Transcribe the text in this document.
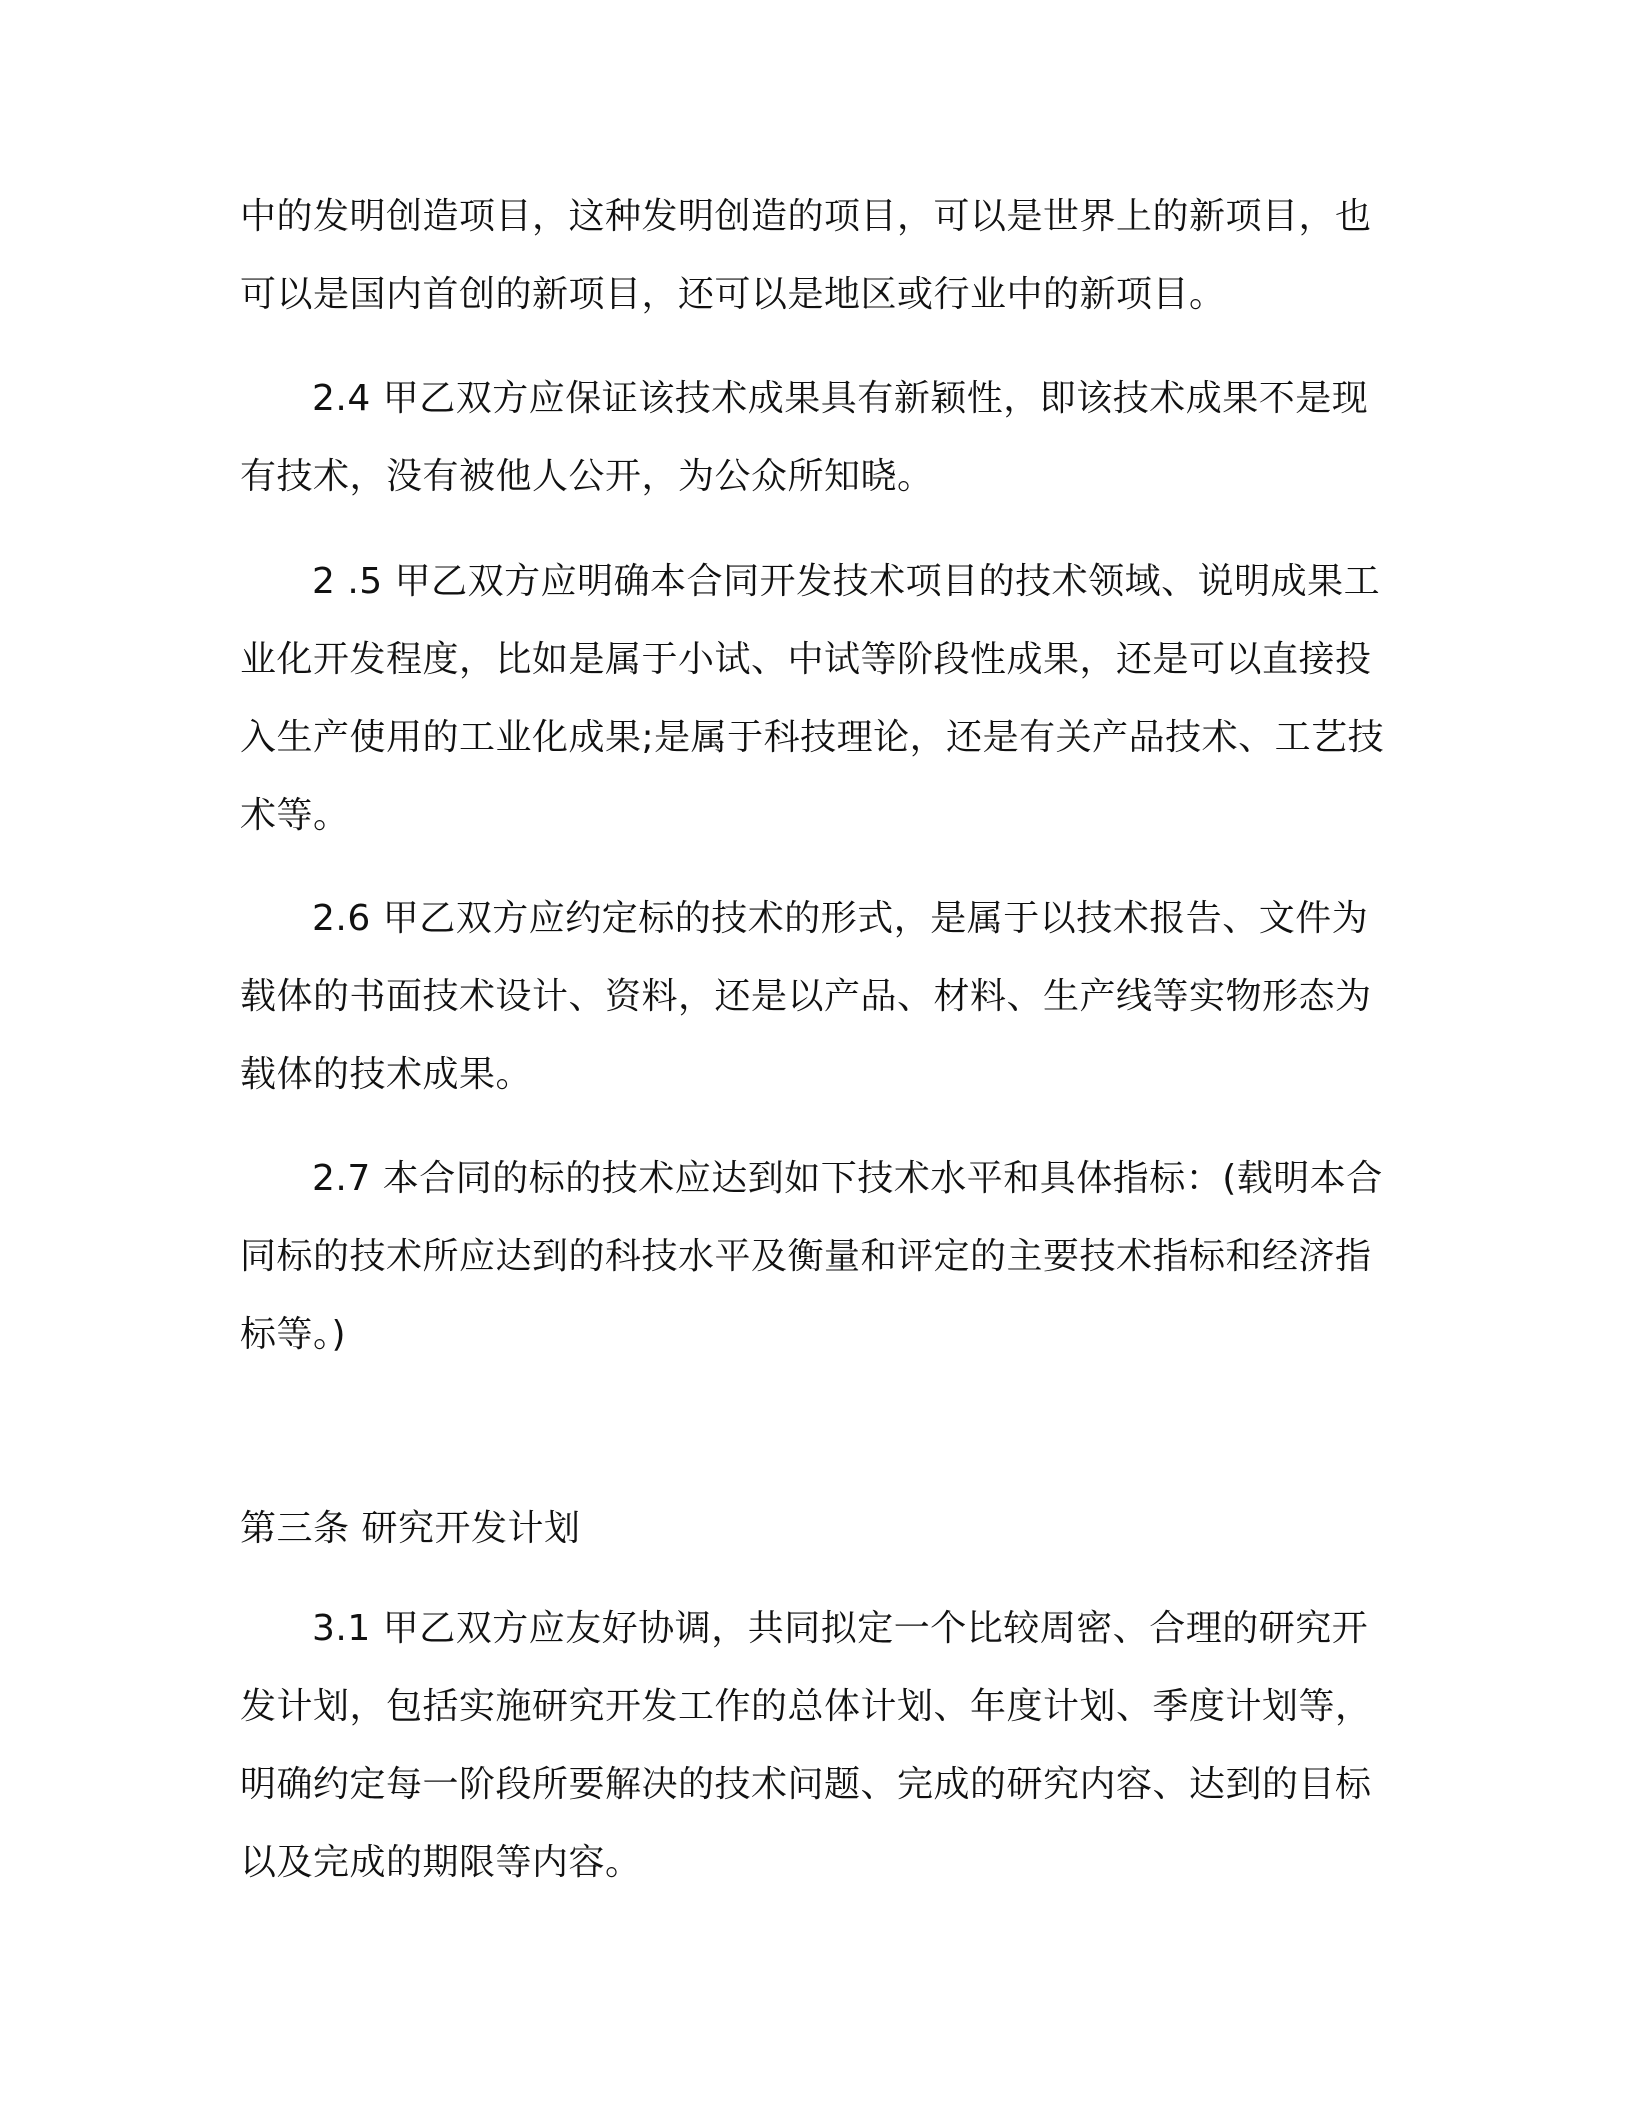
中的发明创造项目，这种发明创造的项目，可以是世界上的新项目，也可以是国内首创的新项目，还可以是地区或行业中的新项目。

2.4 甲乙双方应保证该技术成果具有新颖性，即该技术成果不是现有技术，没有被他人公开，为公众所知晓。

2 .5 甲乙双方应明确本合同开发技术项目的技术领域、说明成果工业化开发程度，比如是属于小试、中试等阶段性成果，还是可以直接投入生产使用的工业化成果;是属于科技理论，还是有关产品技术、工艺技术等。

2.6 甲乙双方应约定标的技术的形式，是属于以技术报告、文件为载体的书面技术设计、资料，还是以产品、材料、生产线等实物形态为载体的技术成果。

2.7 本合同的标的技术应达到如下技术水平和具体指标：(载明本合同标的技术所应达到的科技水平及衡量和评定的主要技术指标和经济指标等。)

第三条 研究开发计划

3.1 甲乙双方应友好协调，共同拟定一个比较周密、合理的研究开发计划，包括实施研究开发工作的总体计划、年度计划、季度计划等，明确约定每一阶段所要解决的技术问题、完成的研究内容、达到的目标以及完成的期限等内容。
